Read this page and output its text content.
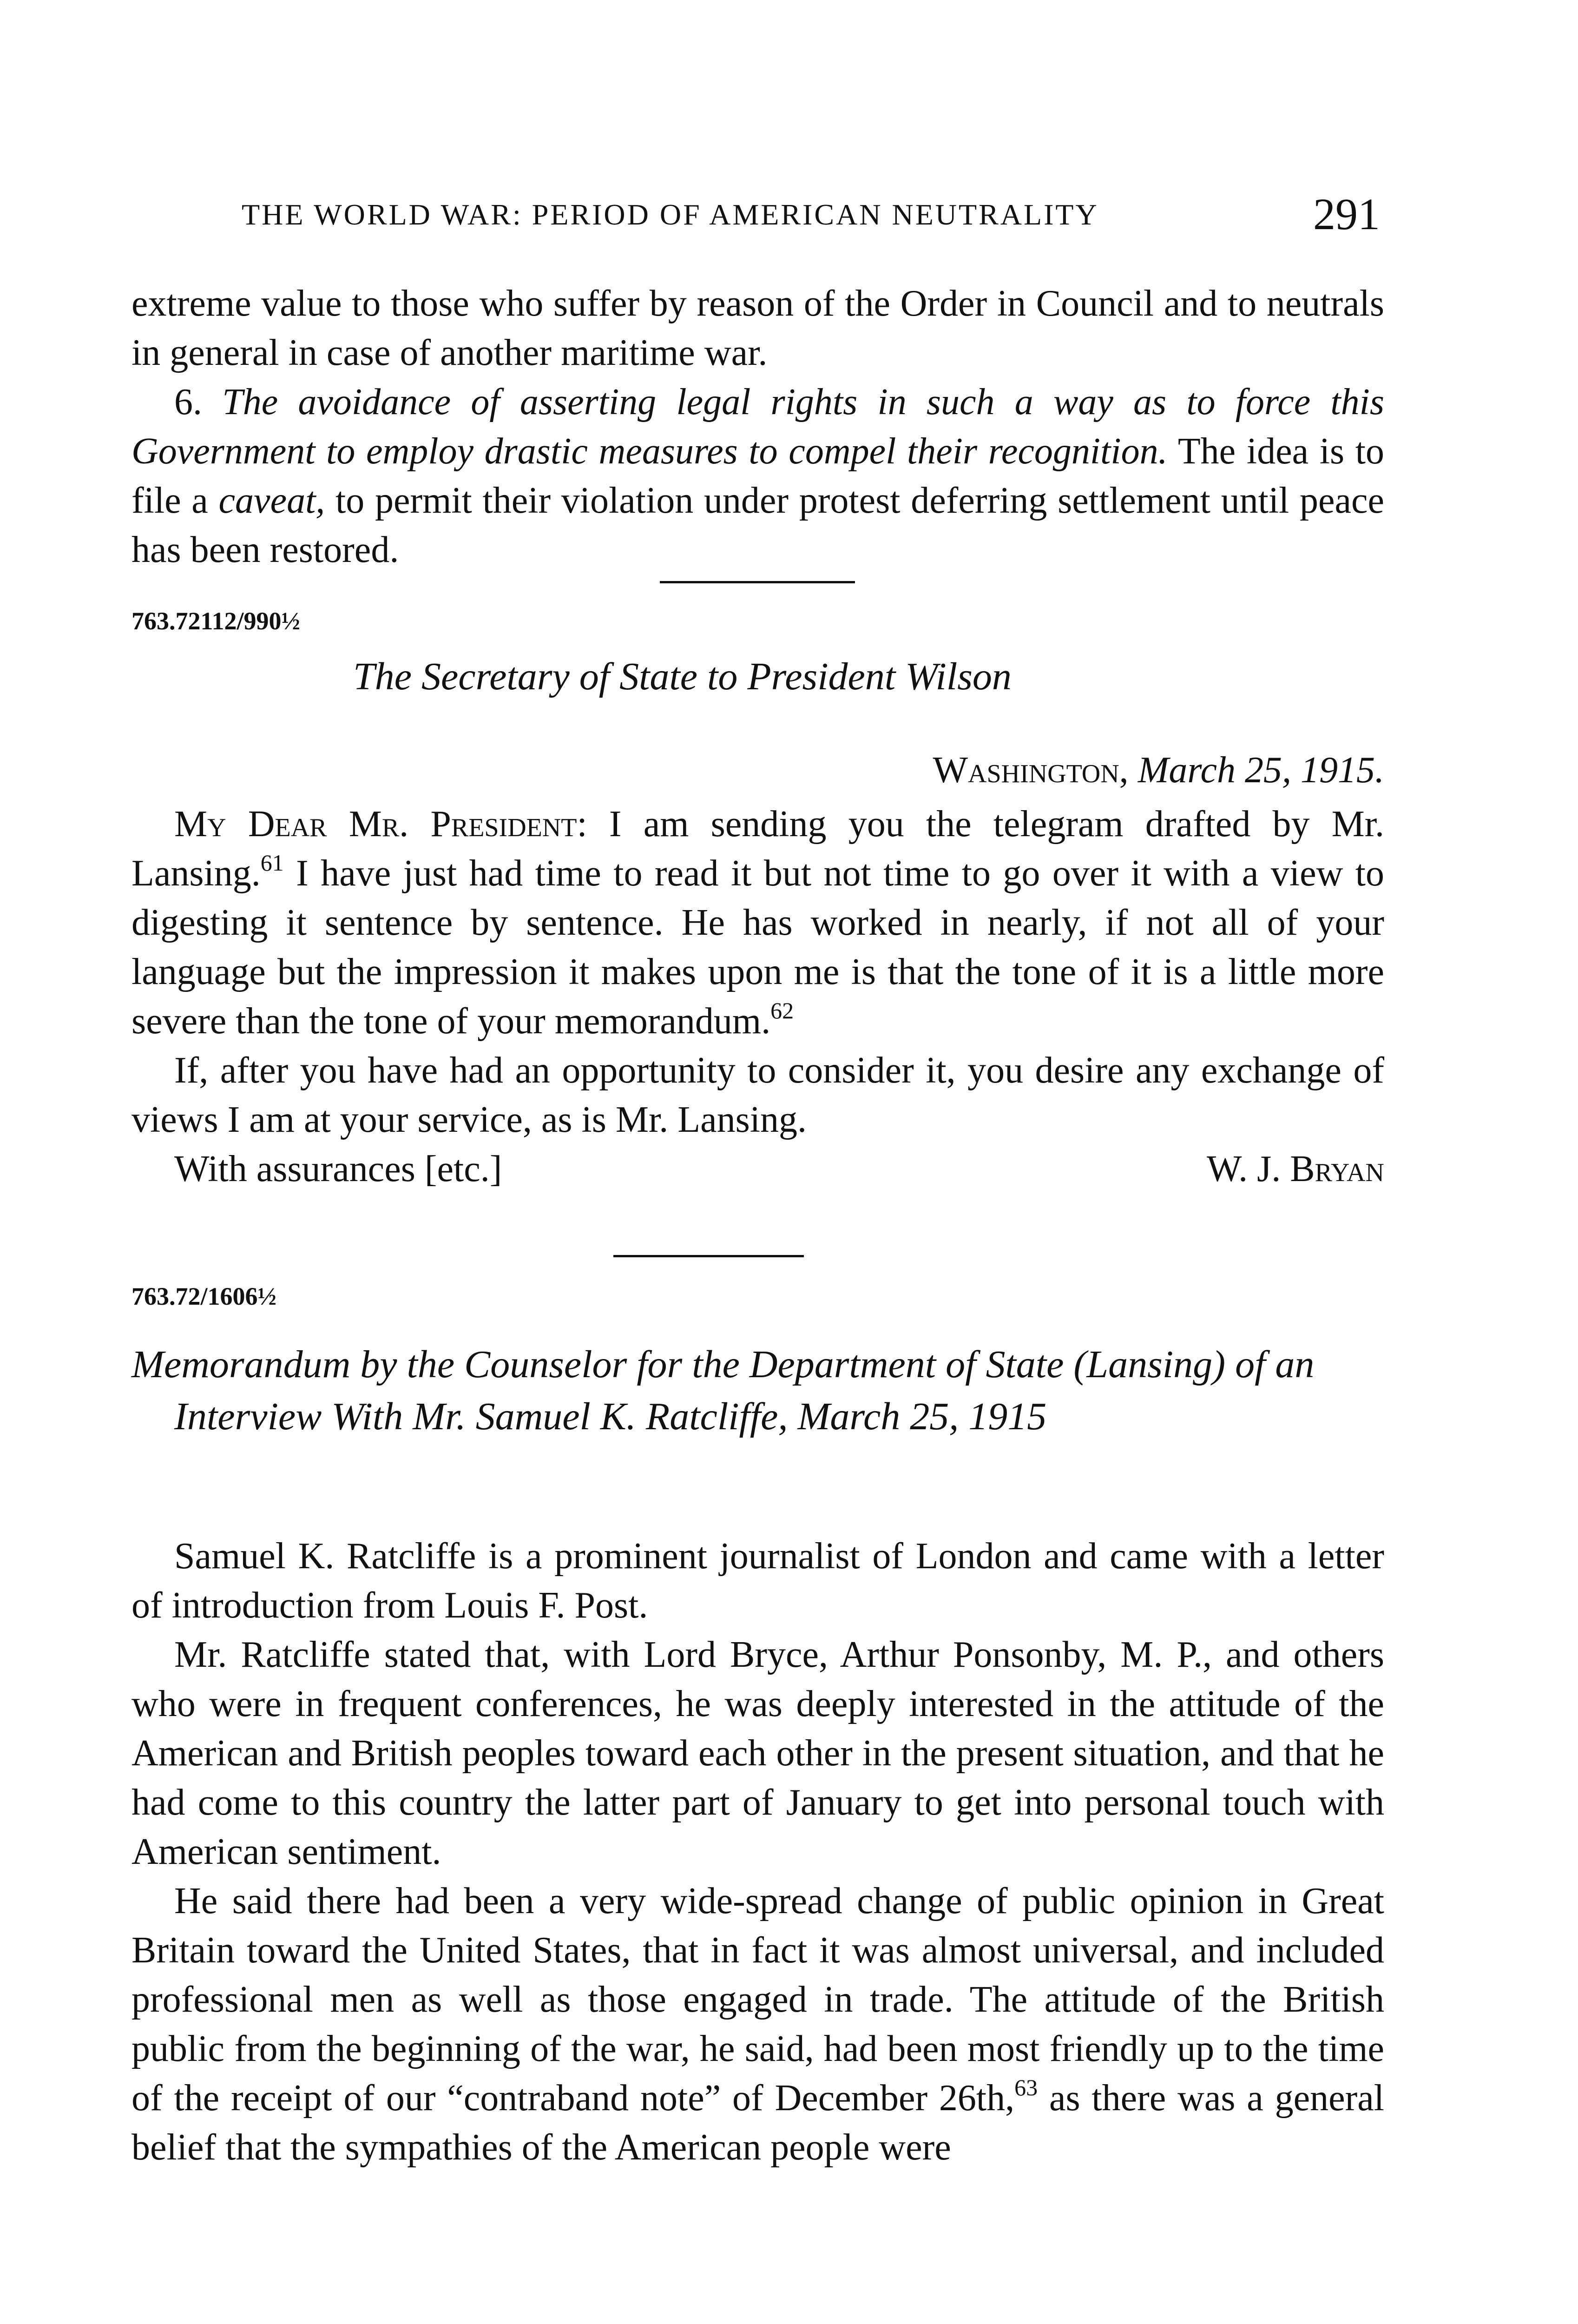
THE WORLD WAR: PERIOD OF AMERICAN NEUTRALITY	291

extreme value to those who suffer by reason of the Order in Council and to neutrals in general in case of another maritime war.

6. The avoidance of asserting legal rights in such a way as to force this Government to employ drastic measures to compel their recognition. The idea is to file a caveat, to permit their violation under protest deferring settlement until peace has been restored.

763.72112/990½
The Secretary of State to President Wilson
Washington, March 25, 1915.

My Dear Mr. President: I am sending you the telegram drafted by Mr. Lansing.$^{61}$ I have just had time to read it but not time to go over it with a view to digesting it sentence by sentence. He has worked in nearly, if not all of your language but the impression it makes upon me is that the tone of it is a little more severe than the tone of your memorandum.$^{62}$

If, after you have had an opportunity to consider it, you desire any exchange of views I am at your service, as is Mr. Lansing.

With assurances [etc.]	W. J. Bryan

763.72/1606½
Memorandum by the Counselor for the Department of State (Lansing) of an Interview With Mr. Samuel K. Ratcliffe, March 25, 1915

Samuel K. Ratcliffe is a prominent journalist of London and came with a letter of introduction from Louis F. Post.

Mr. Ratcliffe stated that, with Lord Bryce, Arthur Ponsonby, M. P., and others who were in frequent conferences, he was deeply interested in the attitude of the American and British peoples toward each other in the present situation, and that he had come to this country the latter part of January to get into personal touch with American sentiment.

He said there had been a very wide-spread change of public opinion in Great Britain toward the United States, that in fact it was almost universal, and included professional men as well as those engaged in trade. The attitude of the British public from the beginning of the war, he said, had been most friendly up to the time of the receipt of our “contraband note” of December 26th,$^{63}$ as there was a general belief that the sympathies of the American people were
